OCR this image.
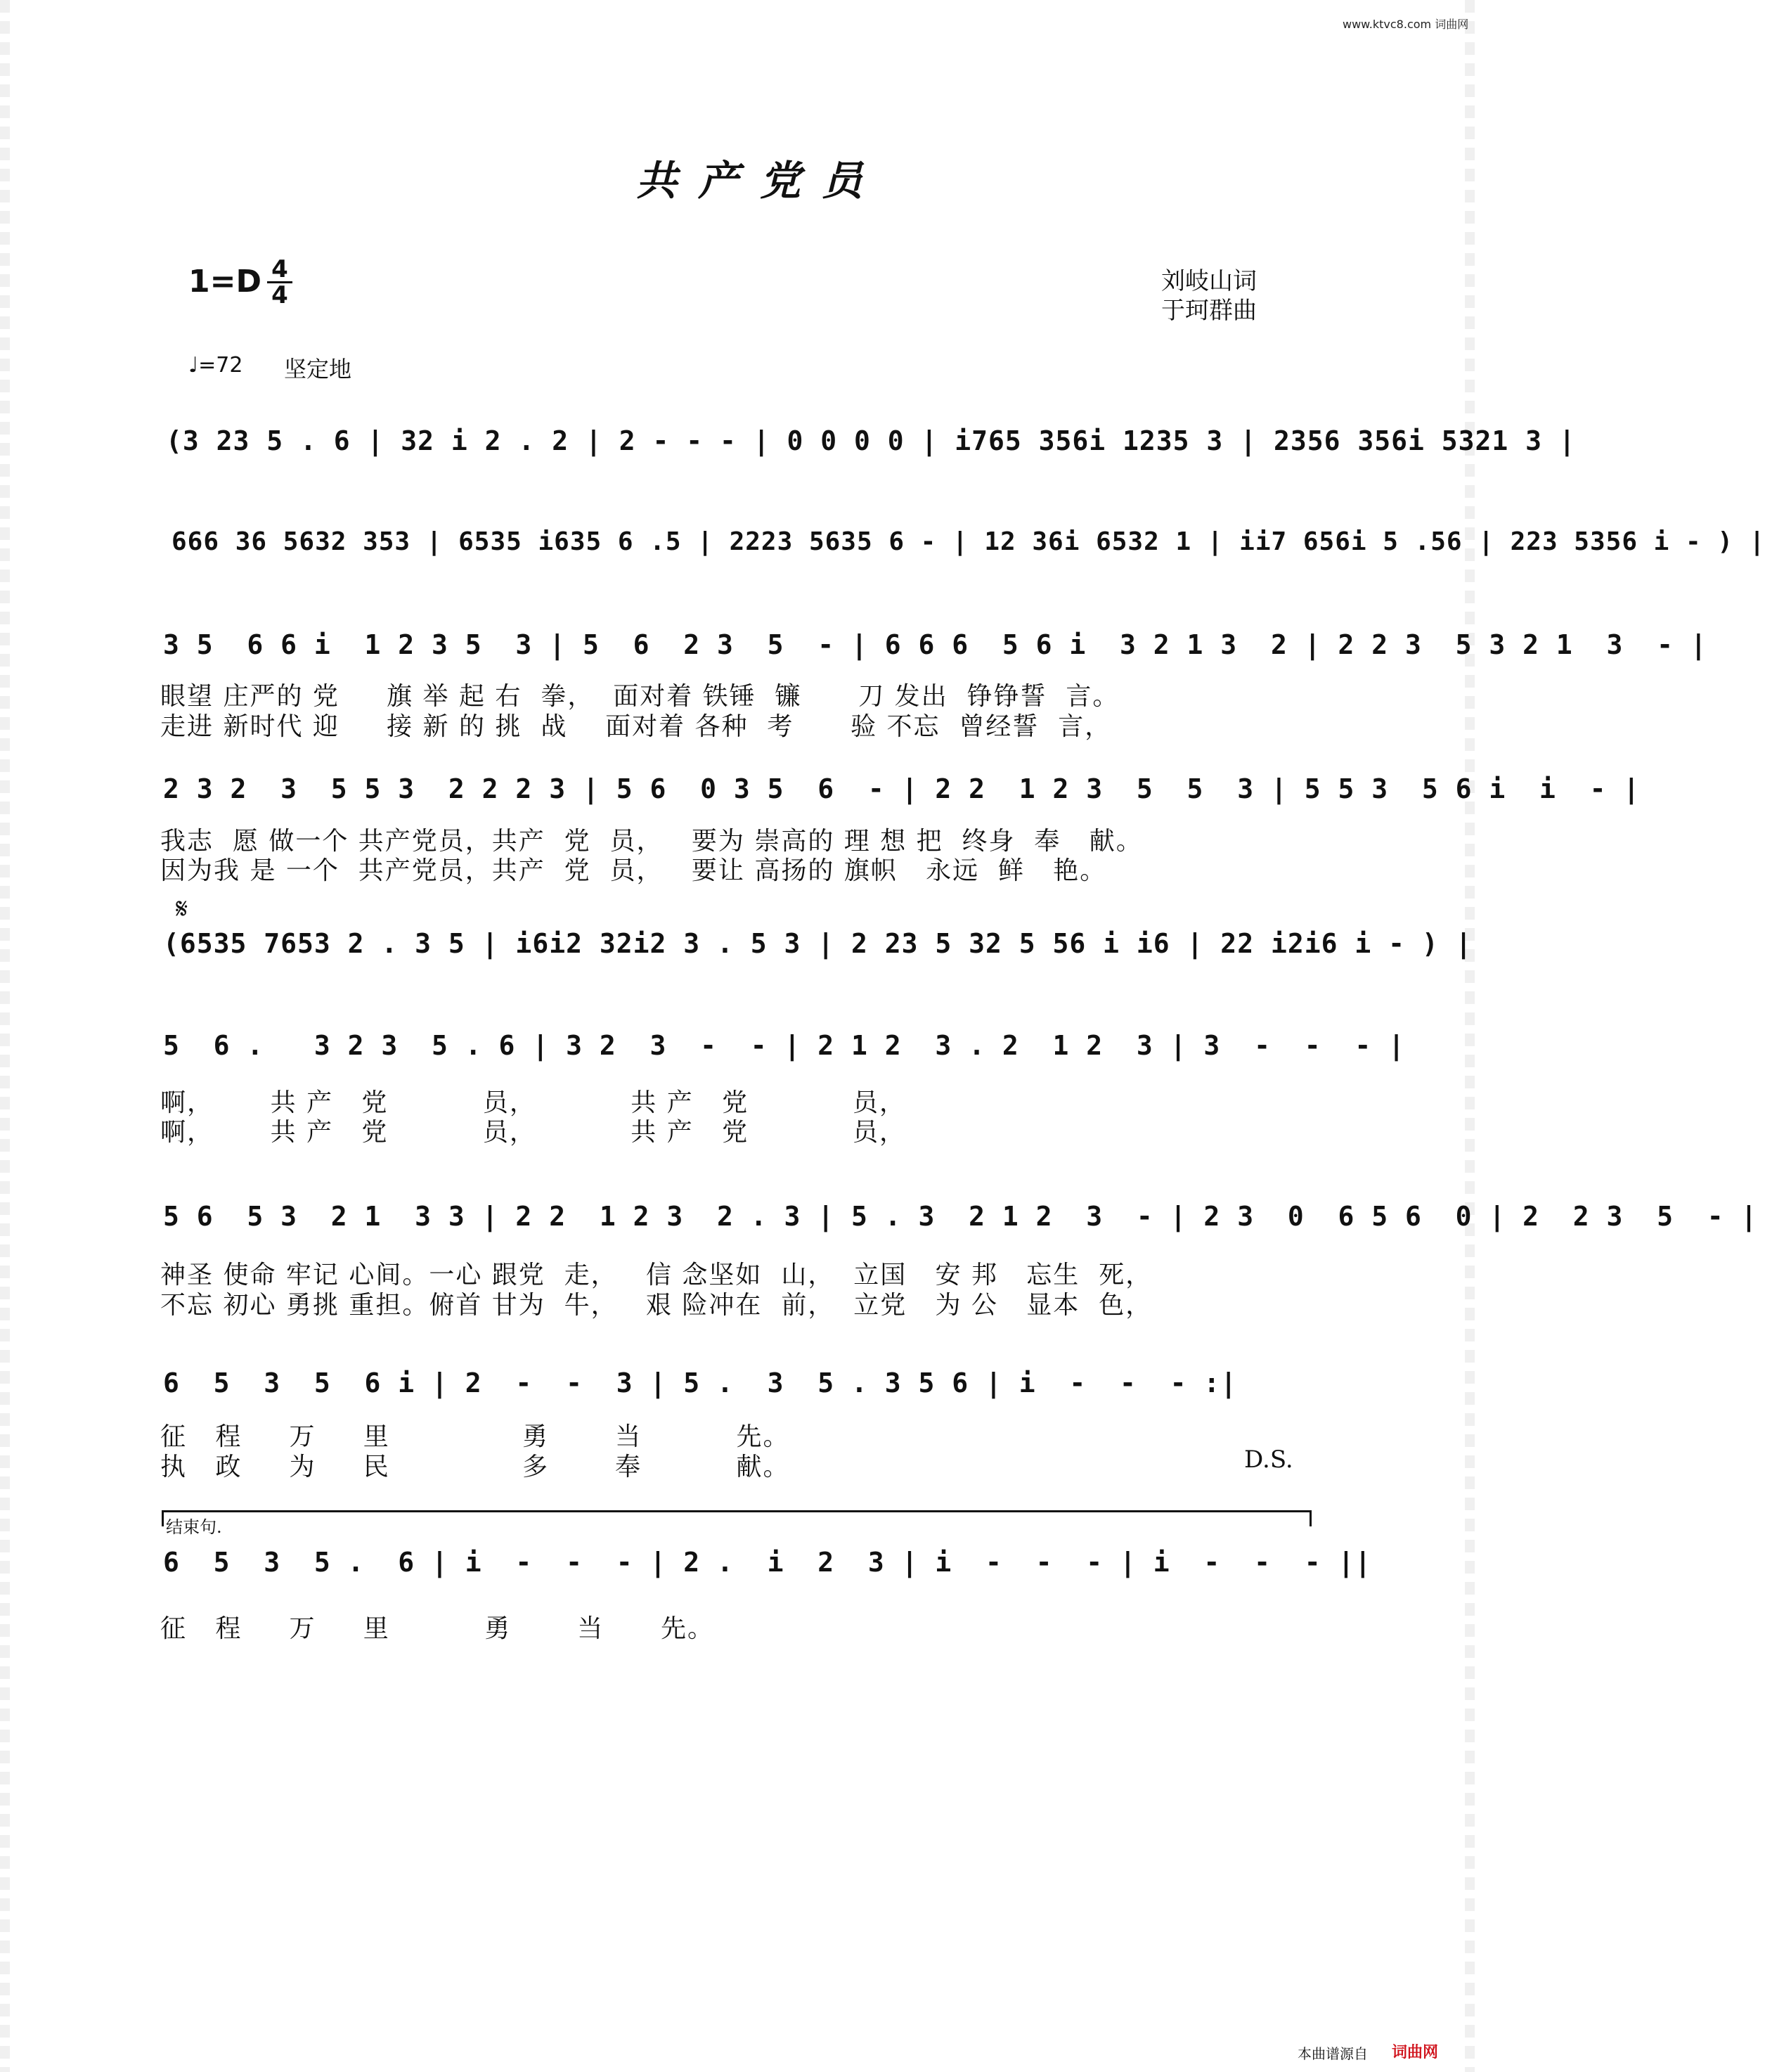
www.ktvc8.com 词曲网
共产党员
1=D 4
4	刘岐山词
于珂群曲
♩=72 坚定地
(3 23 5 . 6 | 32 i 2 . 2 | 2 - - - | 0 0 0 0 | i765 356i 1235 3 | 2356 356i 5321 3 |
666 36 5632 353 | 6535 i635 6 .5 | 2223 5635 6 - | 12 36i 6532 1 | ii7 656i 5 .56 | 223 5356 i - ) |
3 5  6 6 i  1 2 3 5  3 | 5  6  2 3  5  - | 6 6 6  5 6 i  3 2 1 3  2 | 2 2 3  5 3 2 1  3  - |
眼望 庄严的 党     旗 举 起 右  拳，  面对着 铁锤  镰      刀 发出  铮铮誓  言。
走进 新时代 迎     接 新 的 挑  战    面对着 各种  考      验 不忘  曾经誓  言，
2 3 2  3  5 5 3  2 2 2 3 | 5 6  0 3 5  6  - | 2 2  1 2 3  5  5  3 | 5 5 3  5 6 i  i  - |
我志  愿 做一个 共产党员，共产  党  员，   要为 崇高的 理 想 把  终身  奉   献。
因为我 是 一个  共产党员，共产  党  员，   要让 高扬的 旗帜   永远  鲜   艳。
𝄋
(6535 7653 2 . 3 5 | i6i2 32i2 3 . 5 3 | 2 23 5 32 5 56 i i6 | 22 i2i6 i - ) |
5  6 .   3 2 3  5 . 6 | 3 2  3  -  - | 2 1 2  3 . 2  1 2  3 | 3  -  -  - |
啊，      共 产   党          员，          共 产   党           员，
啊，      共 产   党          员，          共 产   党           员，
5 6  5 3  2 1  3 3 | 2 2  1 2 3  2 . 3 | 5 . 3  2 1 2  3  - | 2 3  0  6 5 6  0 | 2  2 3  5  - |
神圣 使命 牢记 心间。一心 跟党  走，   信 念坚如  山，  立国   安 邦   忘生  死，
不忘 初心 勇挑 重担。俯首 甘为  牛，   艰 险冲在  前，  立党   为 公   显本  色，
6  5  3  5  6 i | 2  -  -  3 | 5 .  3  5 . 3 5 6 | i  -  -  - :|
征   程     万     里              勇       当          先。
执   政     为     民              多       奉          献。	D.S.
结束句.
6  5  3  5 .  6 | i  -  -  - | 2 .  i  2  3 | i  -  -  - | i  -  -  - ||
征   程     万     里          勇       当      先。
本曲谱源自 词曲网
